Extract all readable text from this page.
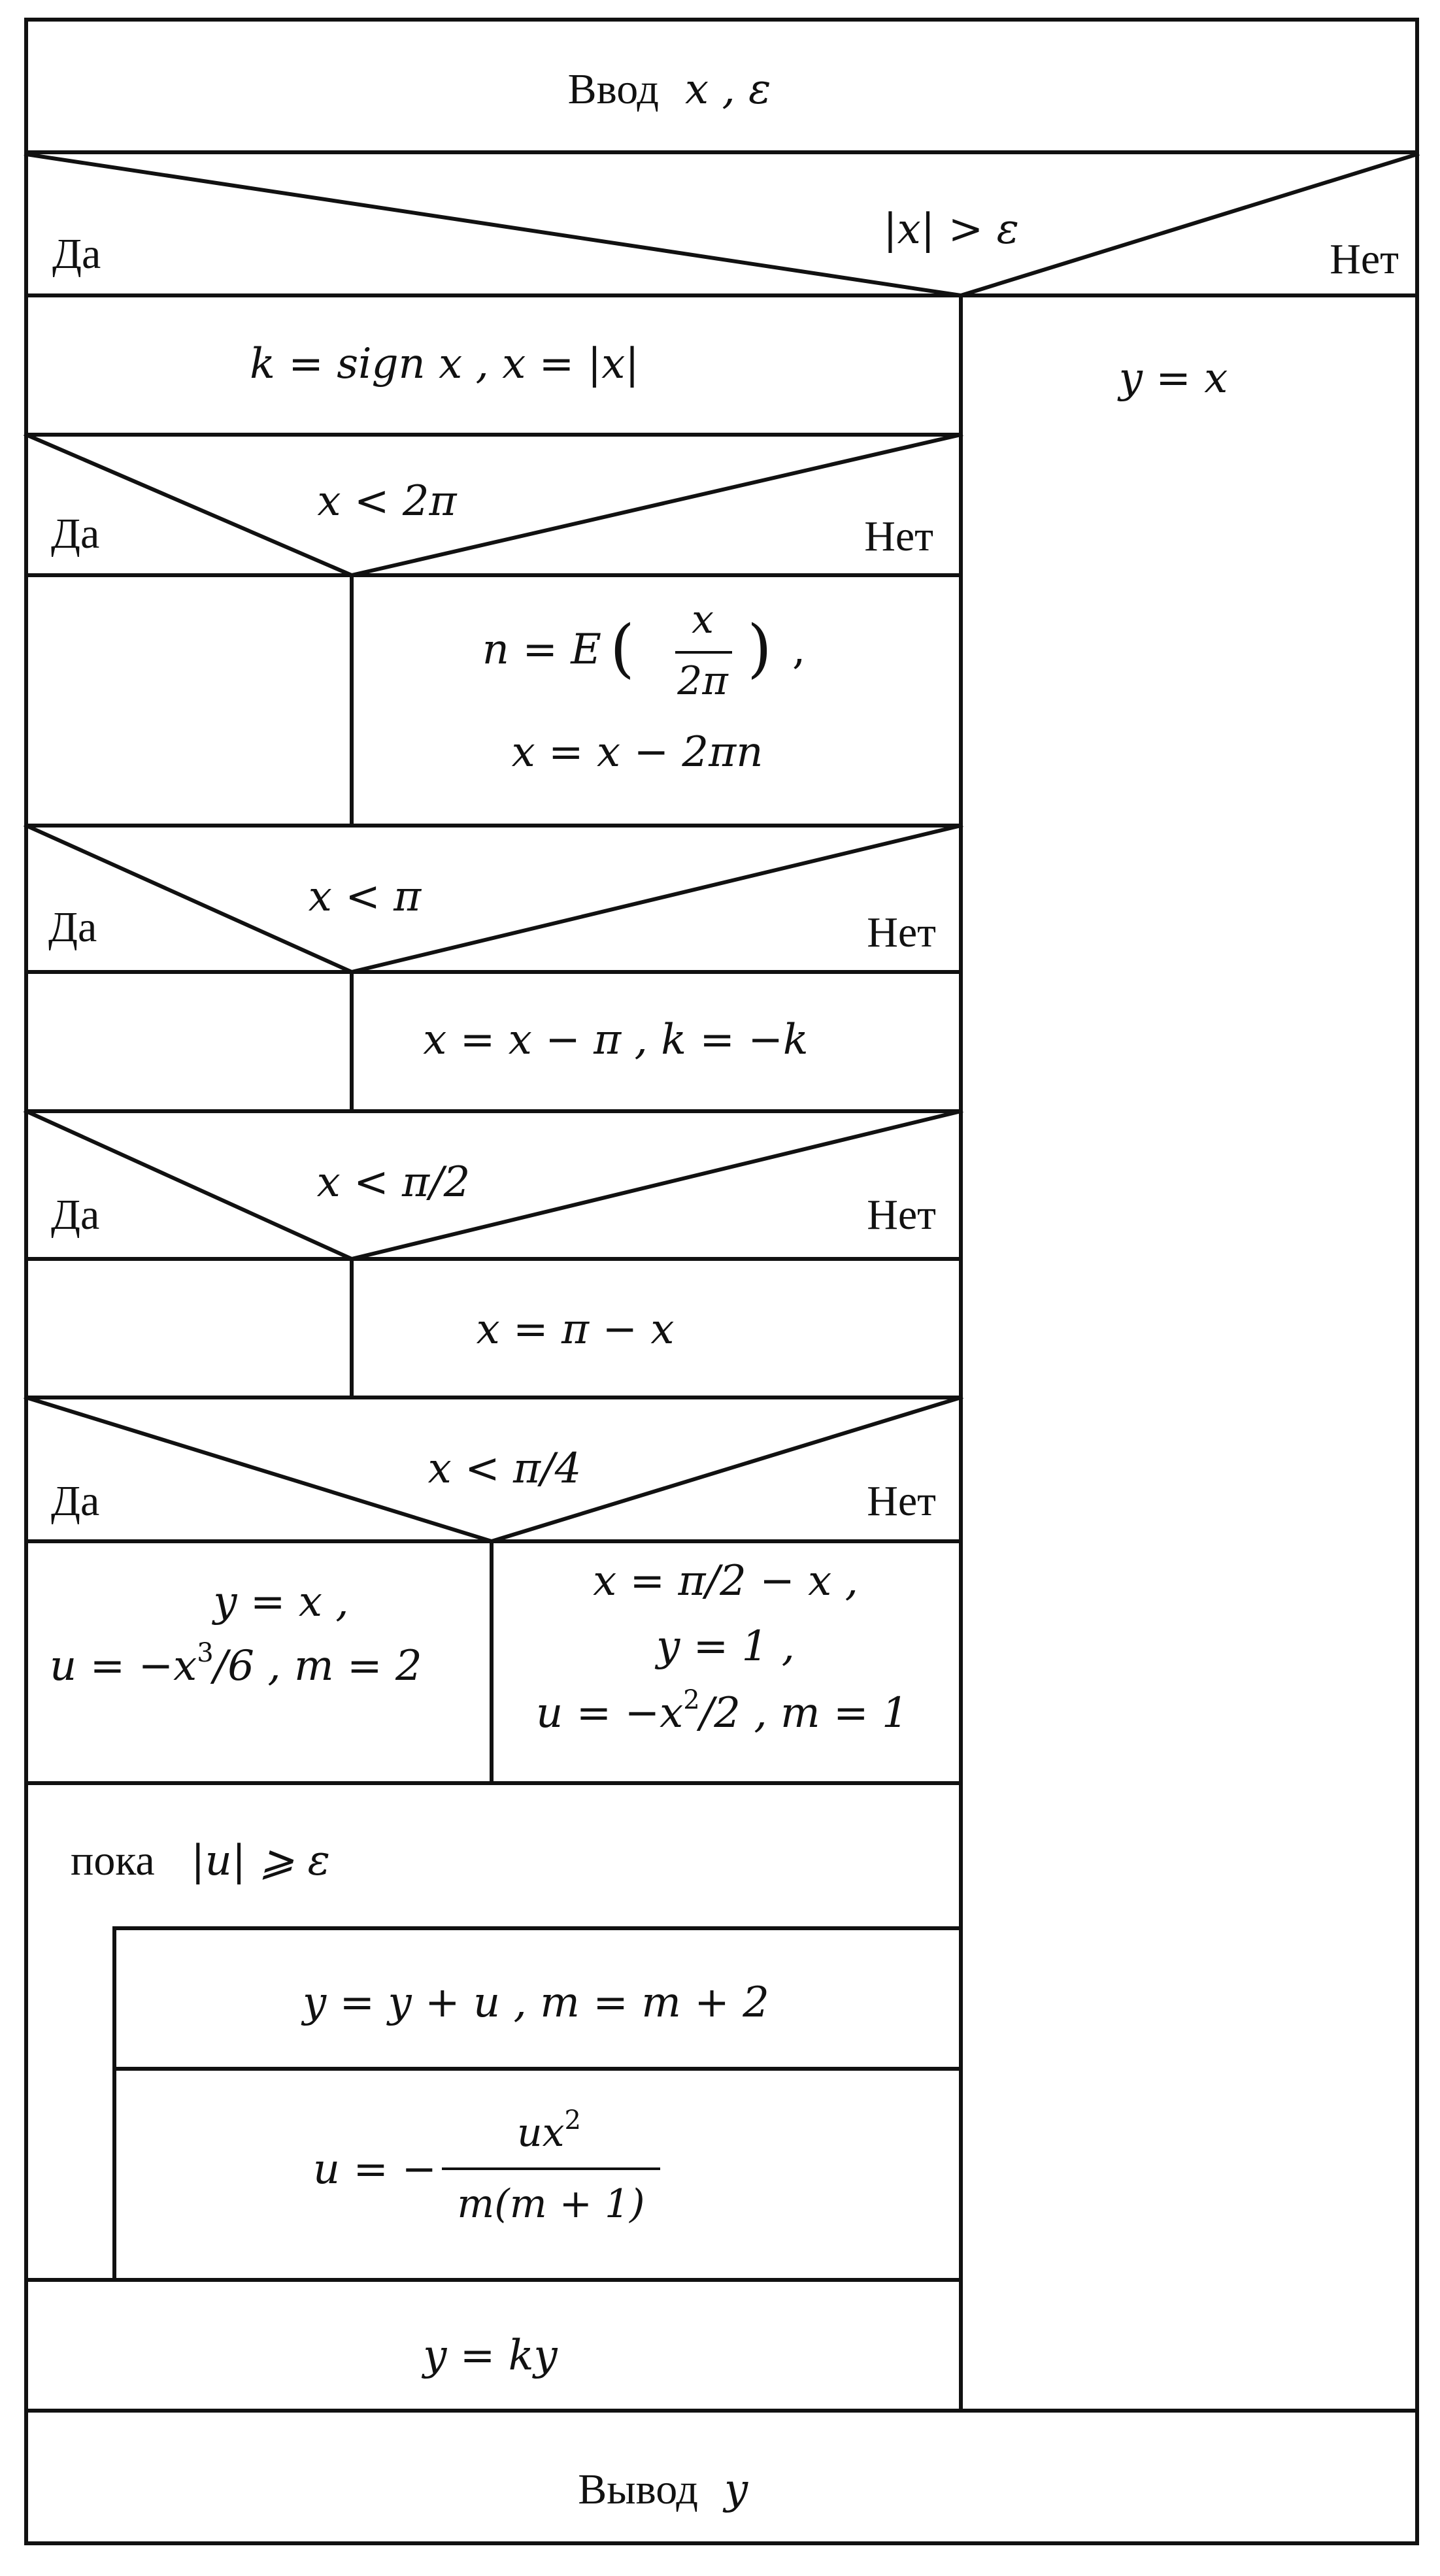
Ввод x , ε
|x| > ε
Да	Нет
y = x
k = sign x , x = |x|
x < 2π
Да	Нет
n = E ( x
2π ) ,
x = x − 2πn
x < π
Да	Нет
x = x − π , k = −k
x < π/2
Да	Нет
x = π − x
x < π/4
Да	Нет
y = x ,
$u = -x^3/6$ , m = 2
x = π/2 − x ,
y = 1 ,
$u = -x^2/2$ , m = 1
пока |u| ⩾ ε
y = y + u , m = m + 2
u = −
$ux^2$
m(m + 1)
y = ky
Вывод y
